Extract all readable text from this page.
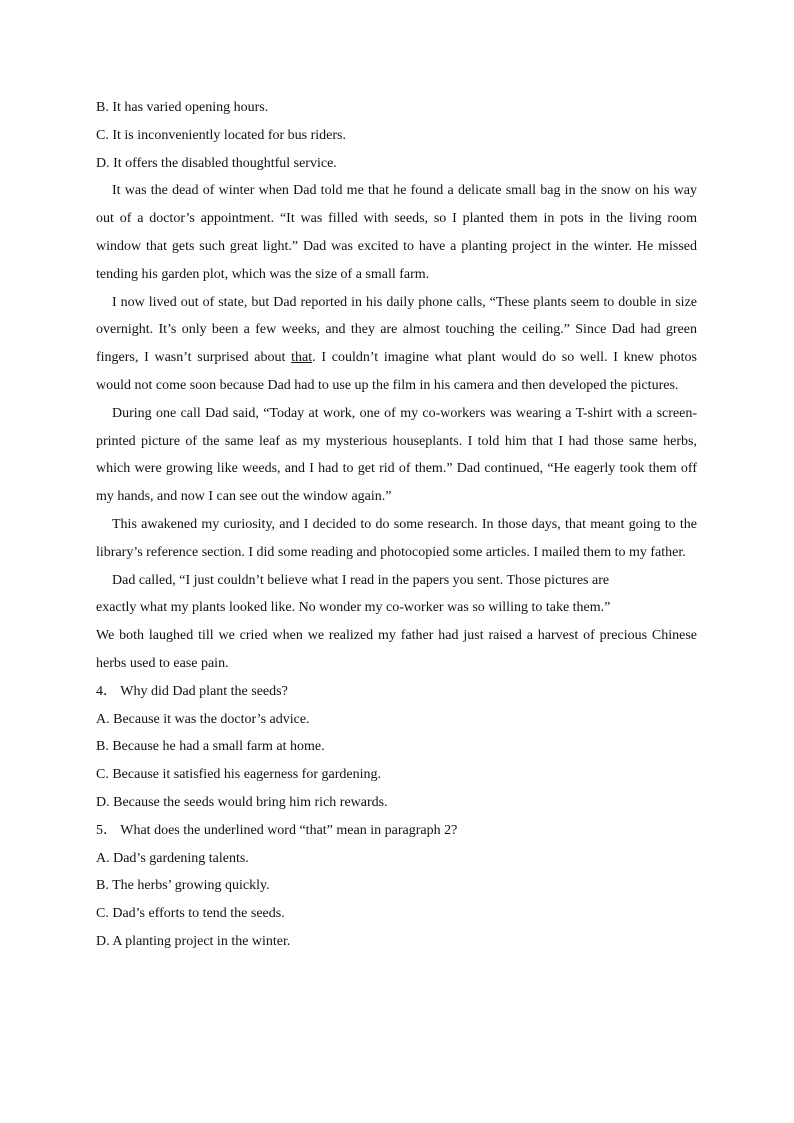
B. It has varied opening hours.

C. It is inconveniently located for bus riders.

D. It offers the disabled thoughtful service.

It was the dead of winter when Dad told me that he found a delicate small bag in the snow on his way out of a doctor’s appointment. “It was filled with seeds, so I planted them in pots in the living room window that gets such great light.” Dad was excited to have a planting project in the winter. He missed tending his garden plot, which was the size of a small farm.

I now lived out of state, but Dad reported in his daily phone calls, “These plants seem to double in size overnight. It’s only been a few weeks, and they are almost touching the ceiling.” Since Dad had green fingers, I wasn’t surprised about that. I couldn’t imagine what plant would do so well. I knew photos would not come soon because Dad had to use up the film in his camera and then developed the pictures.

During one call Dad said, “Today at work, one of my co-workers was wearing a T-shirt with a screen-printed picture of the same leaf as my mysterious houseplants. I told him that I had those same herbs, which were growing like weeds, and I had to get rid of them.” Dad continued, “He eagerly took them off my hands, and now I can see out the window again.”

This awakened my curiosity, and I decided to do some research. In those days, that meant going to the library’s reference section. I did some reading and photocopied some articles. I mailed them to my father.

Dad called, “I just couldn’t believe what I read in the papers you sent. Those pictures are

exactly what my plants looked like. No wonder my co-worker was so willing to take them.”

We both laughed till we cried when we realized my father had just raised a harvest of precious Chinese herbs used to ease pain.

4． Why did Dad plant the seeds?

A. Because it was the doctor’s advice.

B. Because he had a small farm at home.

C. Because it satisfied his eagerness for gardening.

D. Because the seeds would bring him rich rewards.

5． What does the underlined word “that” mean in paragraph 2?

A. Dad’s gardening talents.

B. The herbs’ growing quickly.

C. Dad’s efforts to tend the seeds.

D. A planting project in the winter.
